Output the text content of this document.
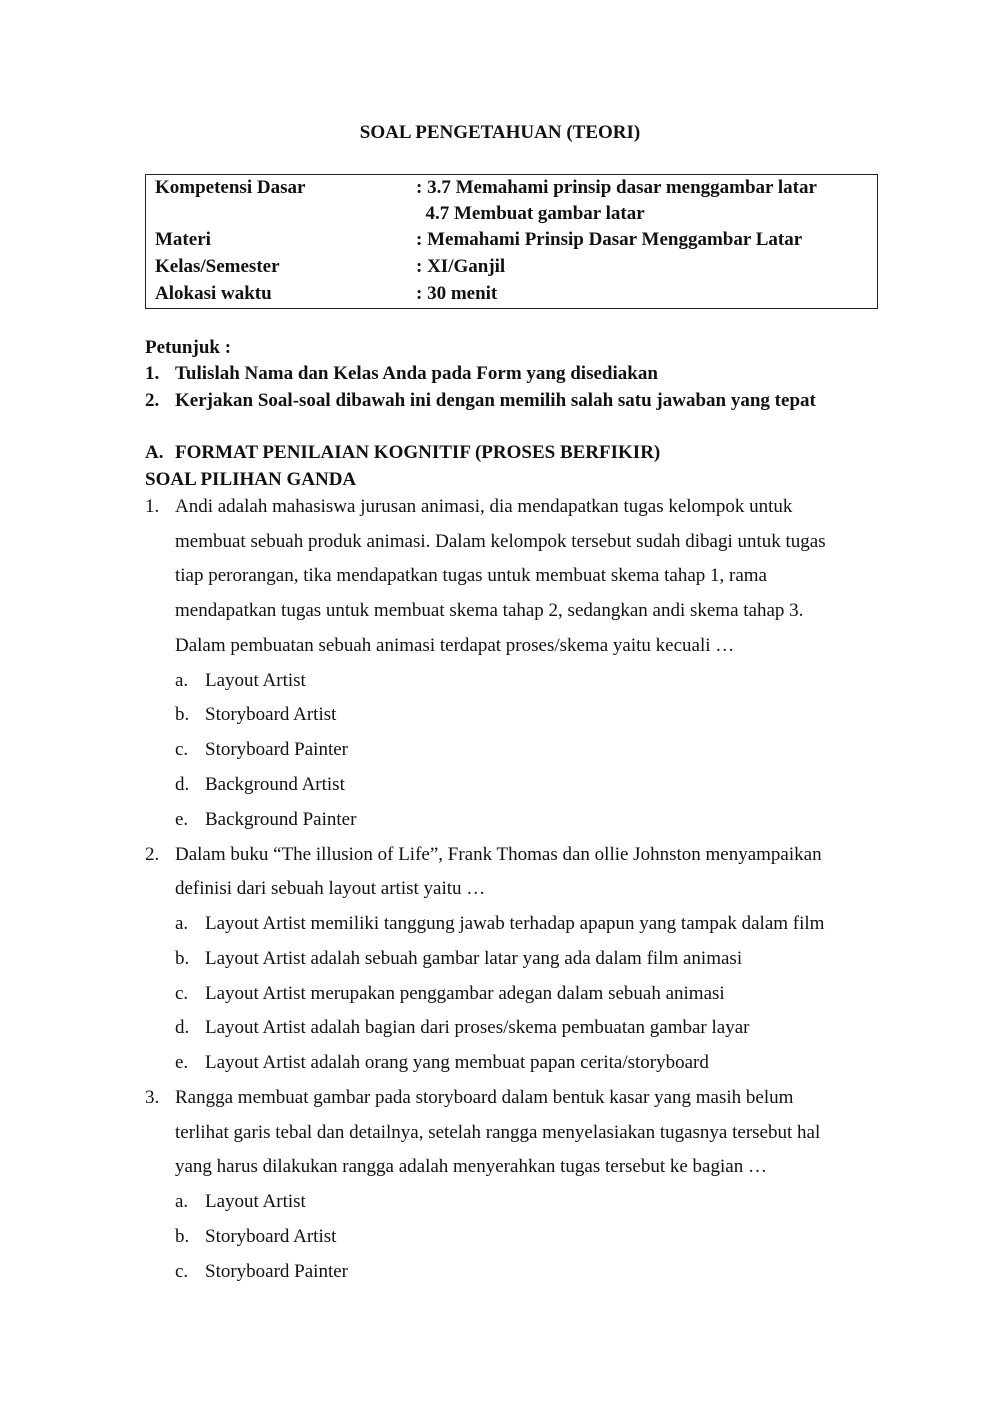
SOAL PENGETAHUAN (TEORI)
Kompetensi Dasar	: 3.7 Memahami prinsip dasar menggambar latar
4.7 Membuat gambar latar
Materi	: Memahami Prinsip Dasar Menggambar Latar
Kelas/Semester	: XI/Ganjil
Alokasi waktu	: 30 menit
Petunjuk :
1. Tulislah Nama dan Kelas Anda pada Form yang disediakan
2. Kerjakan Soal-soal dibawah ini dengan memilih salah satu jawaban yang tepat
A. FORMAT PENILAIAN KOGNITIF (PROSES BERFIKIR)
SOAL PILIHAN GANDA
1. Andi adalah mahasiswa jurusan animasi, dia mendapatkan tugas kelompok untuk
membuat sebuah produk animasi. Dalam kelompok tersebut sudah dibagi untuk tugas
tiap perorangan, tika mendapatkan tugas untuk membuat skema tahap 1, rama
mendapatkan tugas untuk membuat skema tahap 2, sedangkan andi skema tahap 3.
Dalam pembuatan sebuah animasi terdapat proses/skema yaitu kecuali …
a. Layout Artist
b. Storyboard Artist
c. Storyboard Painter
d. Background Artist
e. Background Painter
2. Dalam buku “The illusion of Life”, Frank Thomas dan ollie Johnston menyampaikan
definisi dari sebuah layout artist yaitu …
a. Layout Artist memiliki tanggung jawab terhadap apapun yang tampak dalam film
b. Layout Artist adalah sebuah gambar latar yang ada dalam film animasi
c. Layout Artist merupakan penggambar adegan dalam sebuah animasi
d. Layout Artist adalah bagian dari proses/skema pembuatan gambar layar
e. Layout Artist adalah orang yang membuat papan cerita/storyboard
3. Rangga membuat gambar pada storyboard dalam bentuk kasar yang masih belum
terlihat garis tebal dan detailnya, setelah rangga menyelasiakan tugasnya tersebut hal
yang harus dilakukan rangga adalah menyerahkan tugas tersebut ke bagian …
a. Layout Artist
b. Storyboard Artist
c. Storyboard Painter
